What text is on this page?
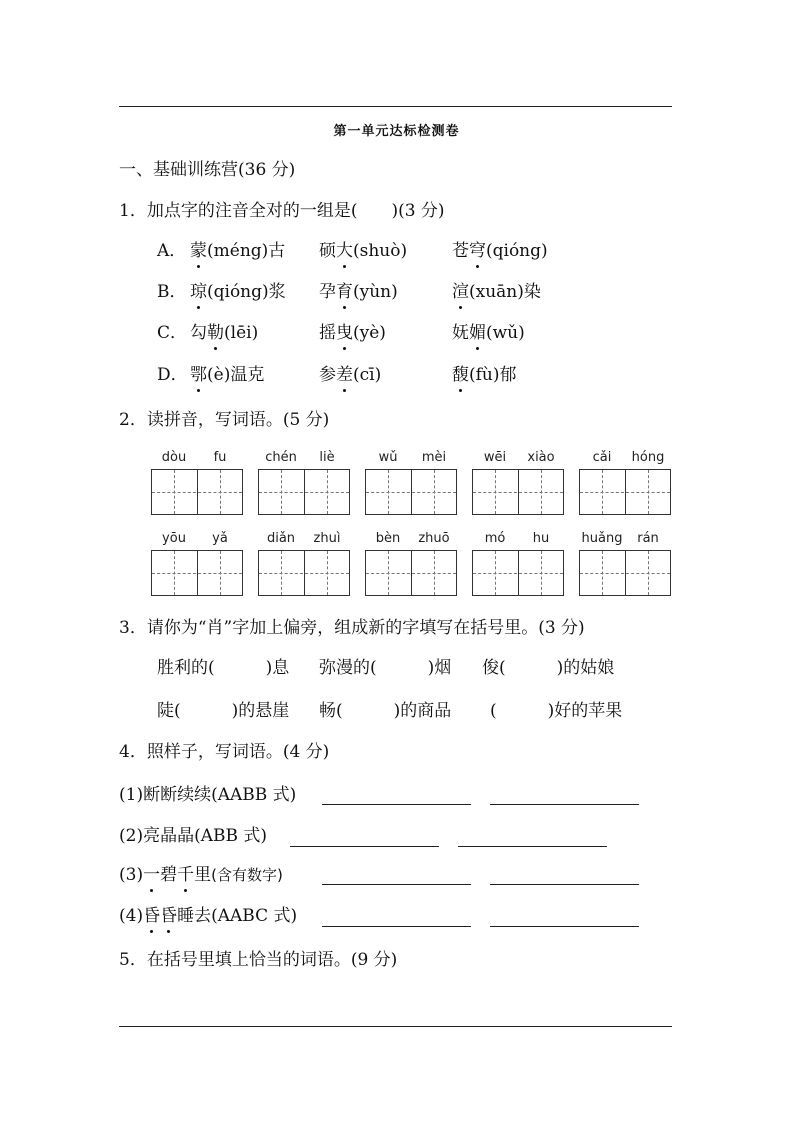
第一单元达标检测卷
一、基础训练营(36 分)
1．加点字的注音全对的一组是(　　)(3 分)
A． 蒙(méng)古 硕大(shuò)	苍穹(qióng)
B． 琼(qióng)浆 孕育(yùn)	渲(xuān)染
C． 勾勒(lēi)	摇曳(yè)	妩媚(wǔ)
D． 鄂(è)温克	参差(cī)	馥(fù)郁
2．读拼音，写词语。(5 分)
dòu	fu	chén	liè	wǔ	mèi	wēi	xiào	cǎi	hóng
yōu	yǎ	diǎn	zhuì	bèn	zhuō	mó	hu	huǎng	rán
3．请你为“肖”字加上偏旁，组成新的字填写在括号里。(3 分)
胜利的(　　　)息 弥漫的(　　　)烟 俊(　　　)的姑娘
陡(　　　)的悬崖 畅(　　　)的商品 (　　　)好的苹果
4．照样子，写词语。(4 分)
(1)断断续续(AABB 式)
(2)亮晶晶(ABB 式)
(3)一碧千里(含有数字)
(4)昏昏睡去(AABC 式)
5．在括号里填上恰当的词语。(9 分)
